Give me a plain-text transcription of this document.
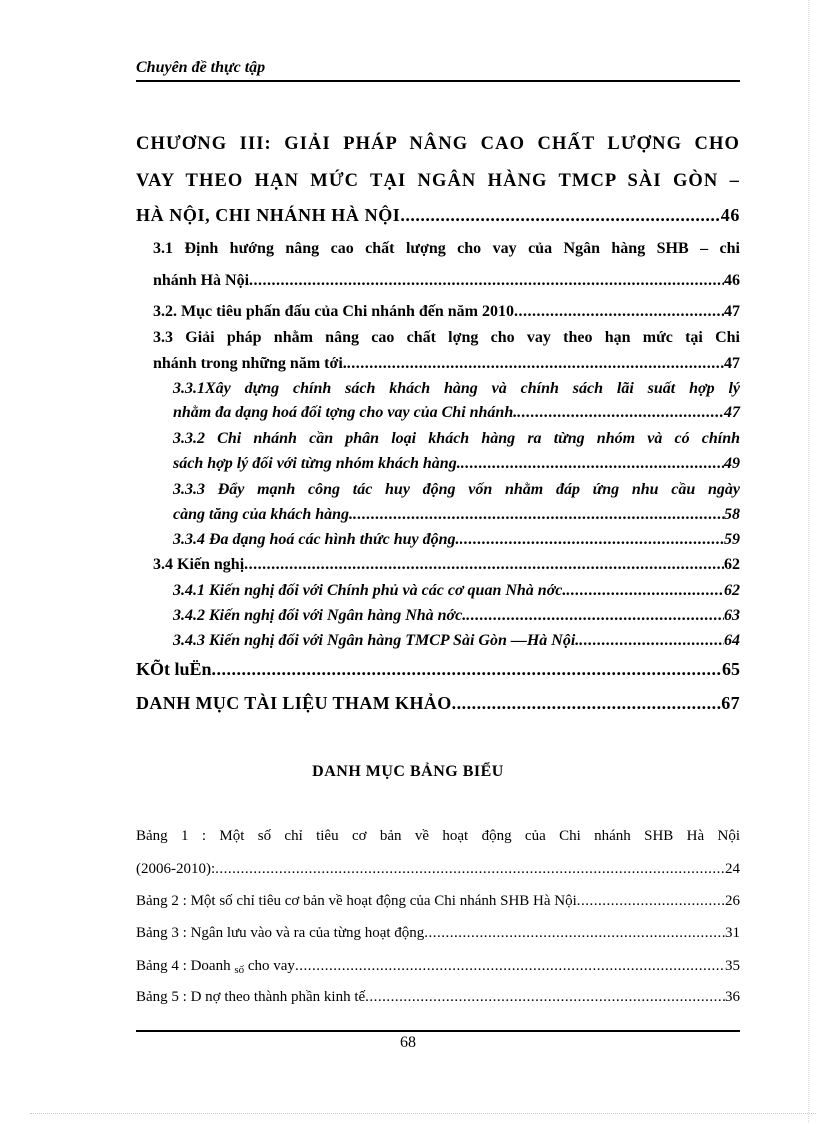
Chuyên đề thực tập
CHƯƠNG III: GIẢI PHÁP NÂNG CAO CHẤT LƯỢNG CHO
VAY THEO HẠN MỨC TẠI NGÂN HÀNG TMCP SÀI GÒN –
HÀ NỘI, CHI NHÁNH HÀ NỘI .....	46
3.1 Định hướng nâng cao chất lượng cho vay của Ngân hàng SHB – chi
nhánh Hà Nội .....	46
3.2. Mục tiêu phấn đấu của Chi nhánh đến năm 2010 .....	47
3.3 Giải pháp nhằm nâng cao chất lợng cho vay theo hạn mức tại Chi
nhánh trong những năm tới. .....	47
3.3.1Xây dựng chính sách khách hàng và chính sách lãi suất hợp lý
nhằm đa dạng hoá đối tợng cho vay của Chi nhánh. .....	47
3.3.2 Chi nhánh cần phân loại khách hàng ra từng nhóm và có chính
sách hợp lý đối với từng nhóm khách hàng. .....	49
3.3.3 Đẩy mạnh công tác huy động vốn nhằm đáp ứng nhu cầu ngày
càng tăng của khách hàng. .....	58
3.3.4 Đa dạng hoá các hình thức huy động. .....	59
3.4 Kiến nghị .....	62
3.4.1 Kiến nghị đối với Chính phủ và các cơ quan Nhà nớc. .....	62
3.4.2 Kiến nghị đối với Ngân hàng Nhà nớc. .....	63
3.4.3 Kiến nghị đối với Ngân hàng TMCP Sài Gòn —Hà Nội. .....	64
KÕt luËn .....	65
DANH MỤC TÀI LIỆU THAM KHẢO .....	67
DANH MỤC BẢNG BIỂU
Bảng 1 : Một số chỉ tiêu cơ bản về hoạt động của Chi nhánh SHB Hà Nội
(2006-2010): .....	24
Bảng 2 : Một số chỉ tiêu cơ bản về hoạt động của Chi nhánh SHB Hà Nội .....	26
Bảng 3 : Ngân lưu vào và ra của từng hoạt động .....	31
Bảng 4 : Doanh $_{số}$ cho vay .....	35
Bảng 5 : D nợ theo thành phần kinh tế .....	36
68
